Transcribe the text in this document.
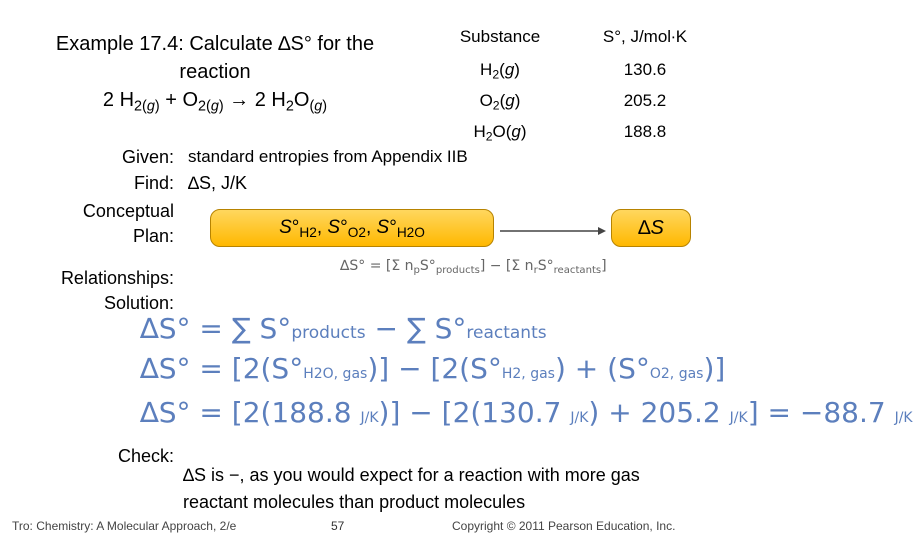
Example 17.4: Calculate ∆S° for the
reaction
2 $H_{2(g)} + O_{2(g)} \to 2$ $H_2O_{(g)}$
Substance	S°, J/mol∙K
$H_2(g)$	130.6
$O_2(g)$	205.2
$H_2O(g)$	188.8
Given: standard entropies from Appendix IIB
Find: ∆S, J/K
Conceptual
Plan:	$S^\circ_{H2}$, $S^\circ_{O2}$, $S^\circ_{H2O}$	∆S
Relationships:
∆S° = [Σ $n_pS^\circ_{products}] - [\Sigma$ $n_rS^\circ_{reactants}$]
Solution:
∆S° = ∑ S°products − ∑ S°reactants
∆S° = [2(S°H2O, gas)] − [2(S°H2, gas) + (S°O2, gas)]
∆S° = [2(188.8 J/K)] − [2(130.7 J/K) + 205.2 J/K] = −88.7 J/K
Check:
∆S is −, as you would expect for a reaction with more gas reactant molecules than product molecules
Tro: Chemistry: A Molecular Approach, 2/e	57	Copyright © 2011 Pearson Education, Inc.
